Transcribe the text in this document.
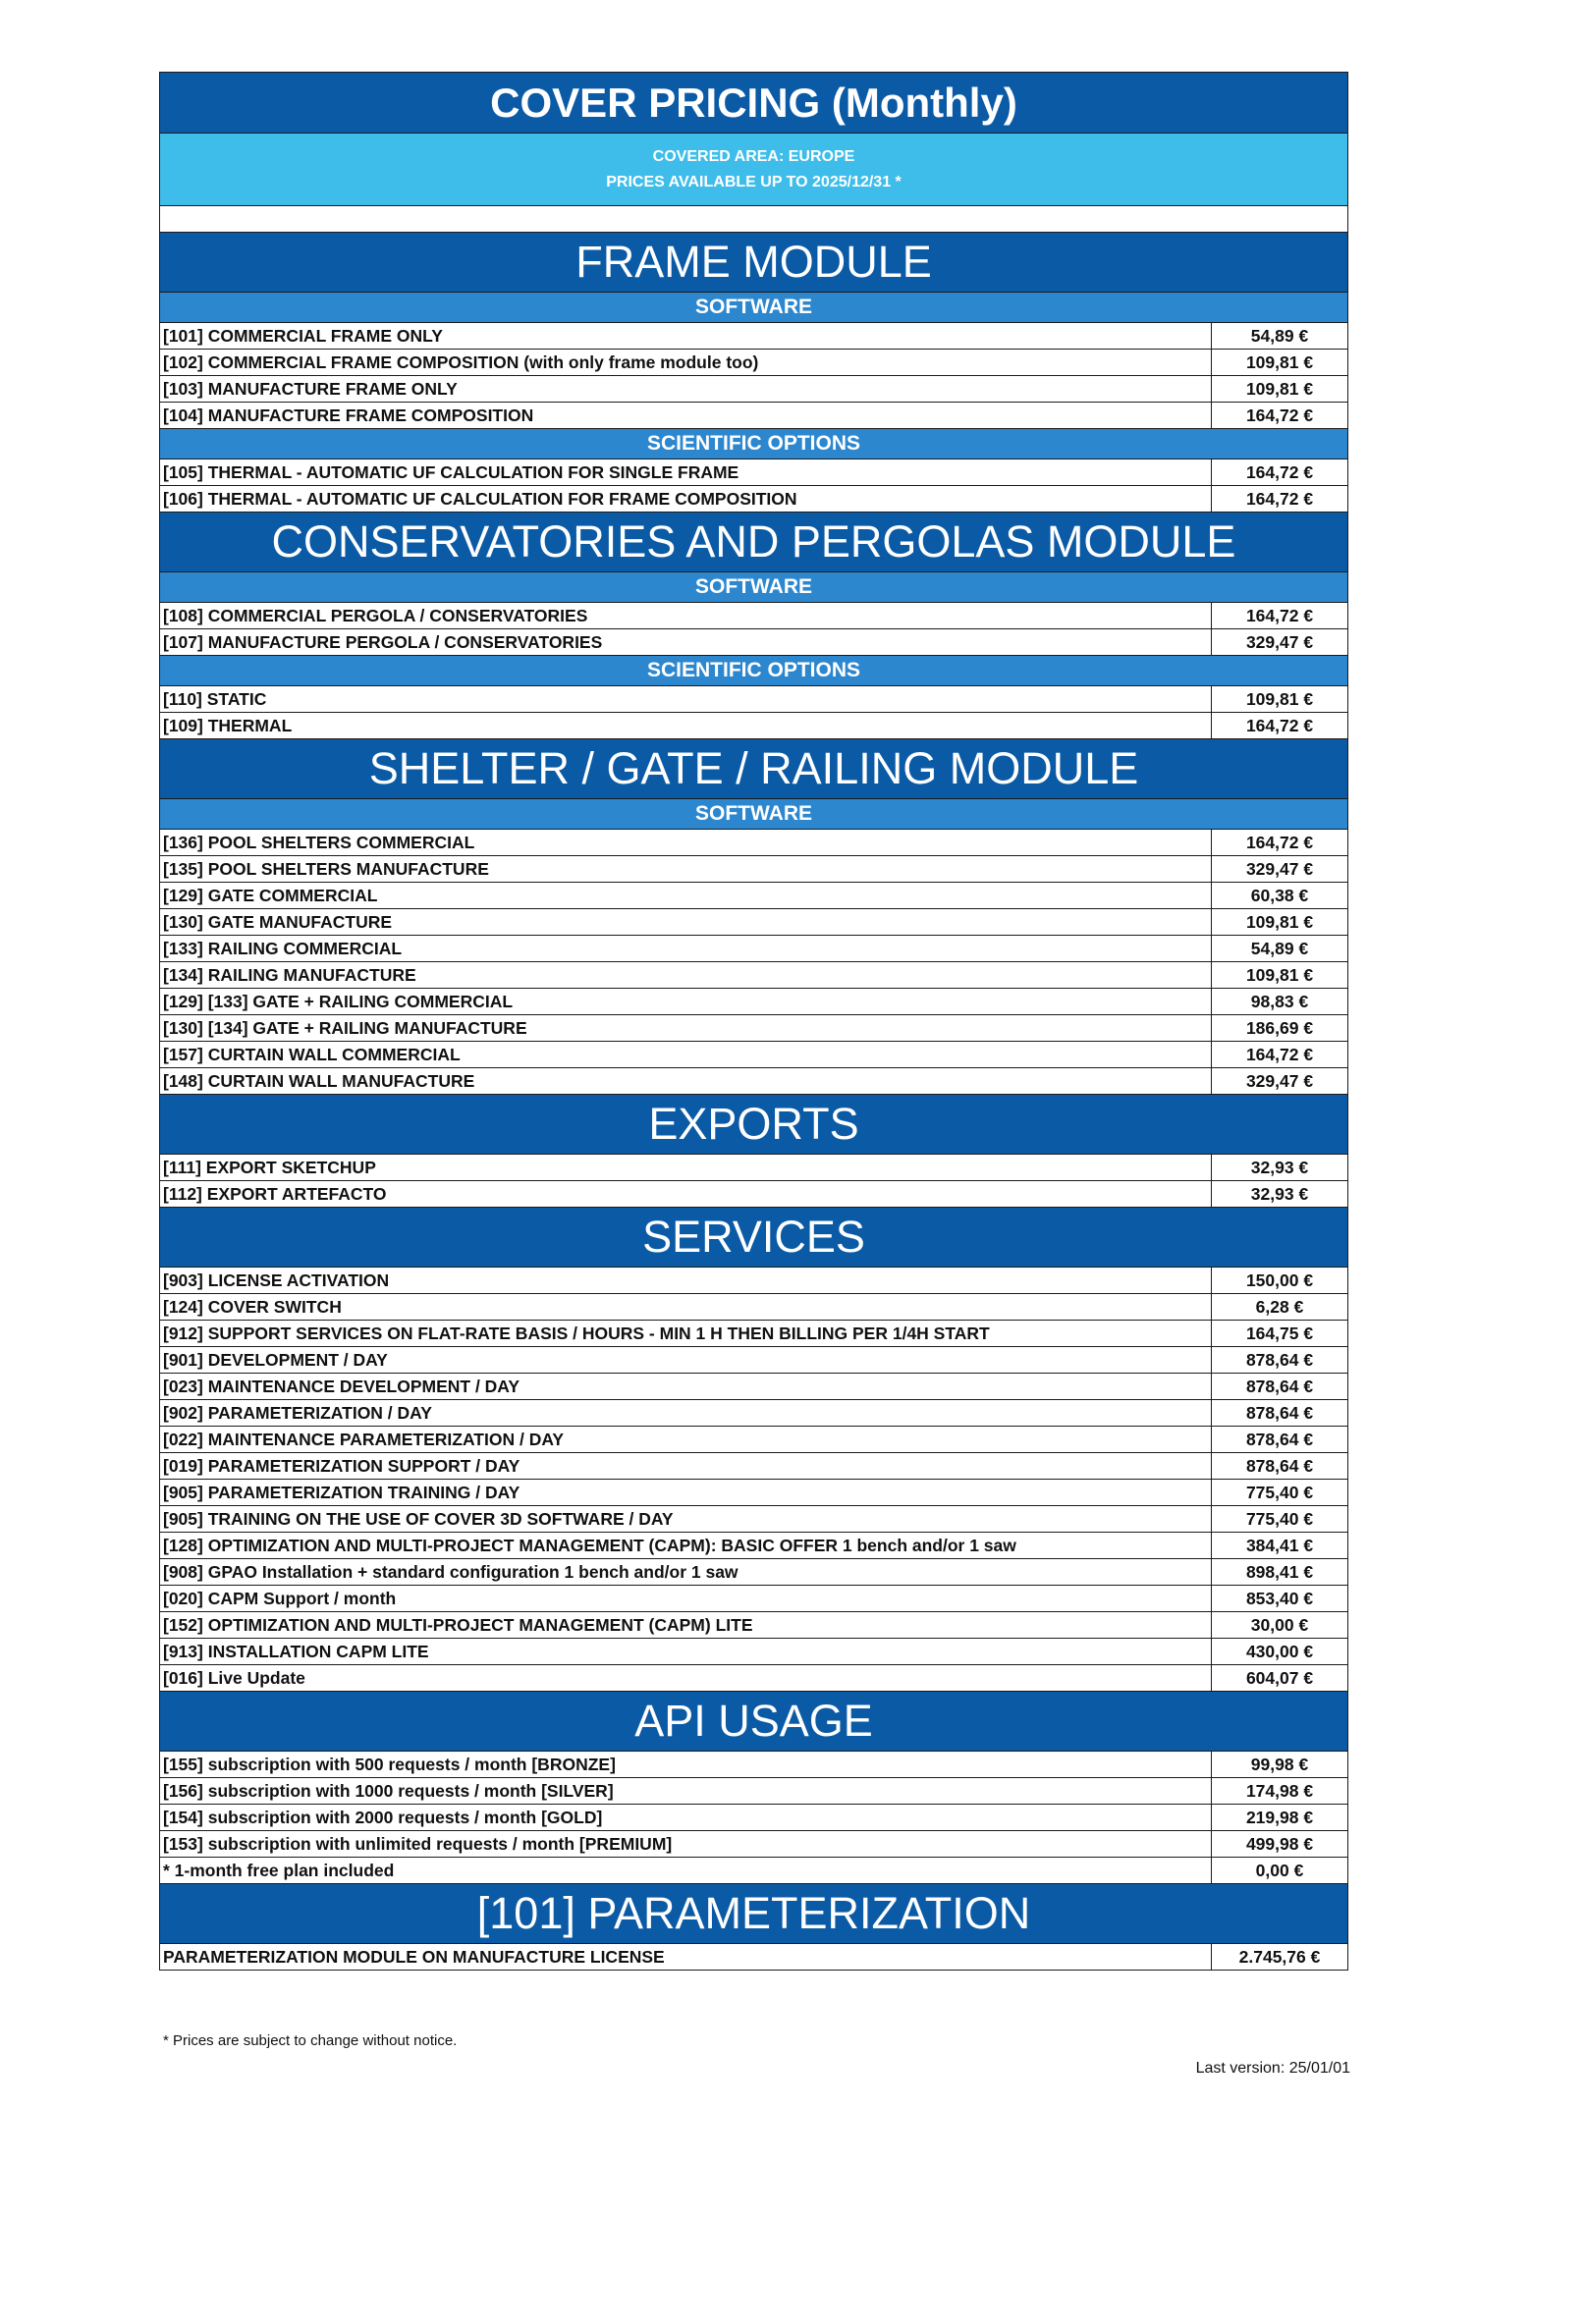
COVER PRICING (Monthly)
COVERED AREA: EUROPE
PRICES AVAILABLE UP TO 2025/12/31 *
FRAME MODULE
SOFTWARE
[101] COMMERCIAL FRAME ONLY	54,89 €
[102] COMMERCIAL FRAME COMPOSITION (with only frame module too)	109,81 €
[103] MANUFACTURE FRAME ONLY	109,81 €
[104] MANUFACTURE FRAME COMPOSITION	164,72 €
SCIENTIFIC OPTIONS
[105] THERMAL - AUTOMATIC UF CALCULATION FOR SINGLE FRAME	164,72 €
[106] THERMAL - AUTOMATIC UF CALCULATION FOR FRAME COMPOSITION	164,72 €
CONSERVATORIES AND PERGOLAS MODULE
SOFTWARE
[108] COMMERCIAL PERGOLA / CONSERVATORIES	164,72 €
[107] MANUFACTURE PERGOLA / CONSERVATORIES	329,47 €
SCIENTIFIC OPTIONS
[110] STATIC	109,81 €
[109] THERMAL	164,72 €
SHELTER / GATE / RAILING MODULE
SOFTWARE
[136] POOL SHELTERS COMMERCIAL	164,72 €
[135] POOL SHELTERS MANUFACTURE	329,47 €
[129] GATE COMMERCIAL	60,38 €
[130] GATE MANUFACTURE	109,81 €
[133] RAILING COMMERCIAL	54,89 €
[134] RAILING MANUFACTURE	109,81 €
[129] [133] GATE + RAILING COMMERCIAL	98,83 €
[130] [134] GATE + RAILING MANUFACTURE	186,69 €
[157] CURTAIN WALL COMMERCIAL	164,72 €
[148] CURTAIN WALL MANUFACTURE	329,47 €
EXPORTS
[111] EXPORT SKETCHUP	32,93 €
[112] EXPORT ARTEFACTO	32,93 €
SERVICES
[903] LICENSE ACTIVATION	150,00 €
[124] COVER SWITCH	6,28 €
[912] SUPPORT SERVICES ON FLAT-RATE BASIS / HOURS - MIN 1 H THEN BILLING PER 1/4H START	164,75 €
[901] DEVELOPMENT / DAY	878,64 €
[023] MAINTENANCE DEVELOPMENT / DAY	878,64 €
[902] PARAMETERIZATION / DAY	878,64 €
[022] MAINTENANCE PARAMETERIZATION / DAY	878,64 €
[019] PARAMETERIZATION SUPPORT / DAY	878,64 €
[905] PARAMETERIZATION TRAINING / DAY	775,40 €
[905] TRAINING ON THE USE OF COVER 3D SOFTWARE / DAY	775,40 €
[128] OPTIMIZATION AND MULTI-PROJECT MANAGEMENT (CAPM): BASIC OFFER 1 bench and/or 1 saw	384,41 €
[908] GPAO Installation + standard configuration 1 bench and/or 1 saw	898,41 €
[020] CAPM Support / month	853,40 €
[152] OPTIMIZATION AND MULTI-PROJECT MANAGEMENT (CAPM) LITE	30,00 €
[913] INSTALLATION CAPM LITE	430,00 €
[016] Live Update	604,07 €
API USAGE
[155] subscription with 500 requests / month [BRONZE]	99,98 €
[156] subscription with 1000 requests / month [SILVER]	174,98 €
[154] subscription with 2000 requests / month [GOLD]	219,98 €
[153] subscription with unlimited requests / month [PREMIUM]	499,98 €
* 1-month free plan included	0,00 €
[101] PARAMETERIZATION
PARAMETERIZATION MODULE ON MANUFACTURE LICENSE	2.745,76 €
* Prices are subject to change without notice.
Last version: 25/01/01
